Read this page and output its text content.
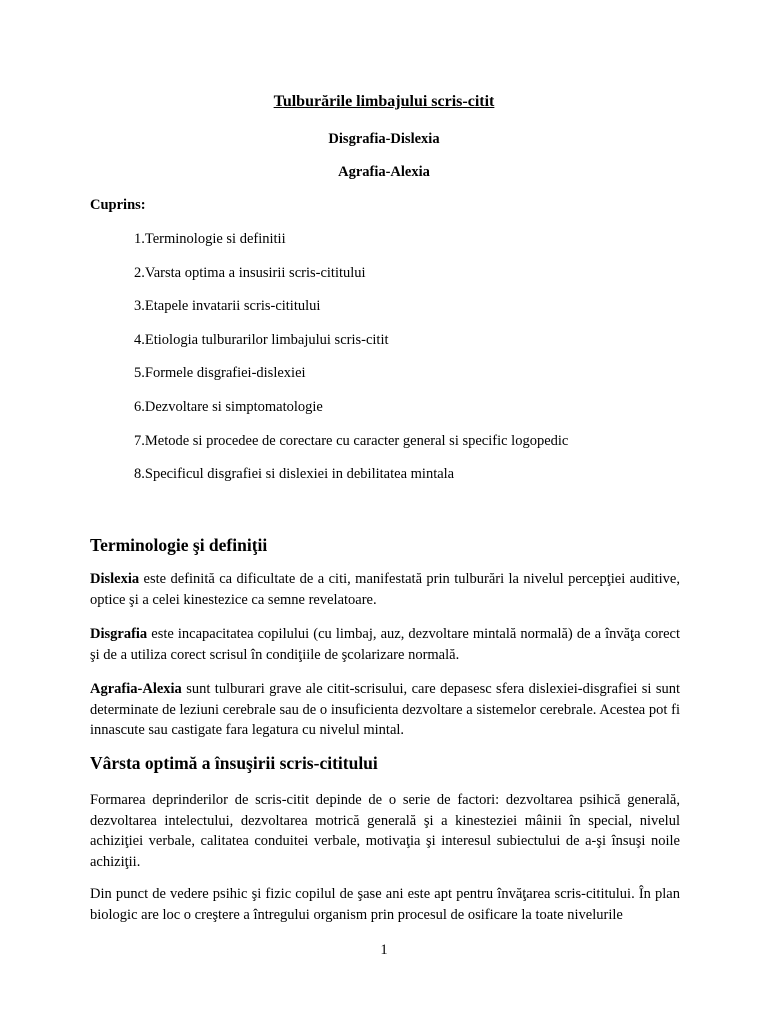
Tulburările limbajului scris-citit
Disgrafia-Dislexia
Agrafia-Alexia
Cuprins:
1.Terminologie si definitii
2.Varsta optima a insusirii scris-cititului
3.Etapele invatarii scris-cititului
4.Etiologia tulburarilor limbajului scris-citit
5.Formele disgrafiei-dislexiei
6.Dezvoltare si simptomatologie
7.Metode si procedee de corectare cu caracter general si specific logopedic
8.Specificul disgrafiei si dislexiei in debilitatea mintala
Terminologie şi definiţii

Dislexia este definită ca dificultate de a citi, manifestată prin tulburări la nivelul percepţiei auditive, optice şi a celei kinestezice ca semne revelatoare.

Disgrafia este incapacitatea copilului (cu limbaj, auz, dezvoltare mintală normală) de a învăţa corect şi de a utiliza corect scrisul în condiţiile de şcolarizare normală.

Agrafia-Alexia sunt tulburari grave ale citit-scrisului, care depasesc sfera dislexiei-disgrafiei si sunt determinate de leziuni cerebrale sau de o insuficienta dezvoltare a sistemelor cerebrale. Acestea pot fi innascute sau castigate fara legatura cu nivelul mintal.

Vârsta optimă a însuşirii scris-cititului

Formarea deprinderilor de scris-citit depinde de o serie de factori: dezvoltarea psihică generală, dezvoltarea intelectului, dezvoltarea motrică generală şi a kinesteziei mâinii în special, nivelul achiziţiei verbale, calitatea conduitei verbale, motivaţia şi interesul subiectului de a-şi însuşi noile achiziţii.

Din punct de vedere psihic şi fizic copilul de şase ani este apt pentru învăţarea scris-cititului. În plan biologic are loc o creştere a întregului organism prin procesul de osificare la toate nivelurile

1
